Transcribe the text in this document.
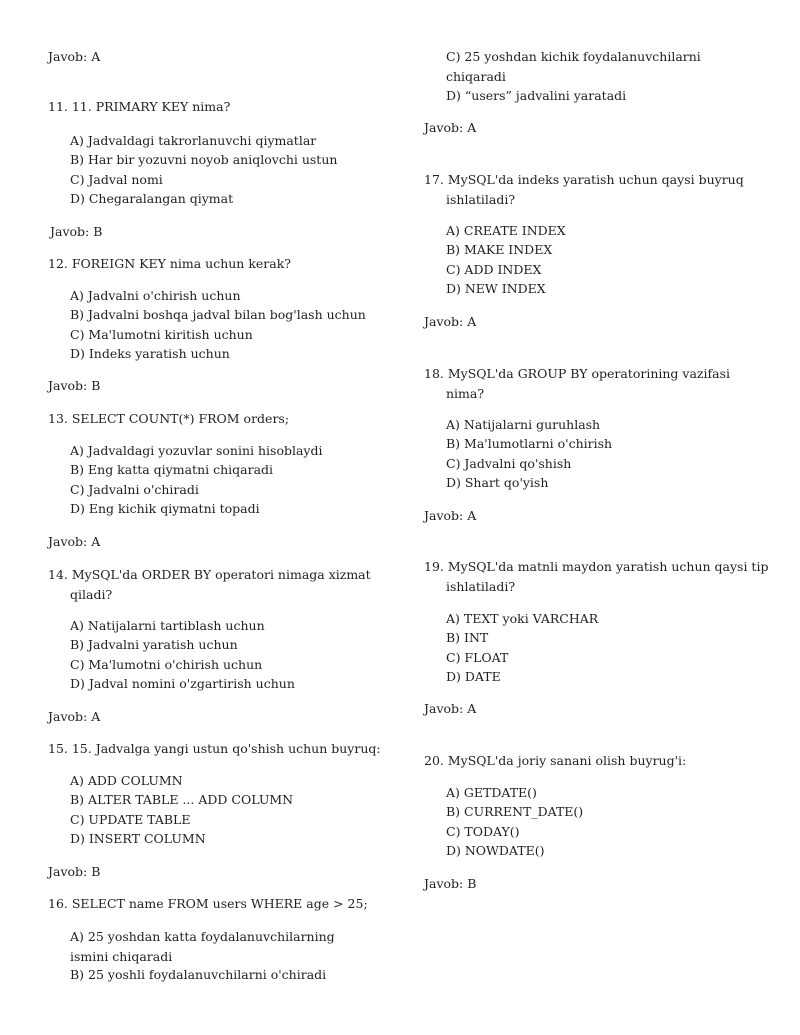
Javob: A
11. 11. PRIMARY KEY nima?
A) Jadvaldagi takrorlanuvchi qiymatlar
B) Har bir yozuvni noyob aniqlovchi ustun
C) Jadval nomi
D) Chegaralangan qiymat
Javob: B
12. FOREIGN KEY nima uchun kerak?
A) Jadvalni o'chirish uchun
B) Jadvalni boshqa jadval bilan bog'lash uchun
C) Ma'lumotni kiritish uchun
D) Indeks yaratish uchun
Javob: B
13. SELECT COUNT(*) FROM orders;
A) Jadvaldagi yozuvlar sonini hisoblaydi
B) Eng katta qiymatni chiqaradi
C) Jadvalni o'chiradi
D) Eng kichik qiymatni topadi
Javob: A
14. MySQL'da ORDER BY operatori nimaga xizmat qiladi?
A) Natijalarni tartiblash uchun
B) Jadvalni yaratish uchun
C) Ma'lumotni o'chirish uchun
D) Jadval nomini o'zgartirish uchun
Javob: A
15. 15. Jadvalga yangi ustun qo'shish uchun buyruq:
A) ADD COLUMN
B) ALTER TABLE ... ADD COLUMN
C) UPDATE TABLE
D) INSERT COLUMN
Javob: B
16. SELECT name FROM users WHERE age > 25;
A) 25 yoshdan katta foydalanuvchilarning ismini chiqaradi
B) 25 yoshli foydalanuvchilarni o'chiradi
C) 25 yoshdan kichik foydalanuvchilarni chiqaradi
D) “users” jadvalini yaratadi
Javob: A
17. MySQL'da indeks yaratish uchun qaysi buyruq ishlatiladi?
A) CREATE INDEX
B) MAKE INDEX
C) ADD INDEX
D) NEW INDEX
Javob: A
18. MySQL'da GROUP BY operatorining vazifasi nima?
A) Natijalarni guruhlash
B) Ma'lumotlarni o'chirish
C) Jadvalni qo'shish
D) Shart qo'yish
Javob: A
19. MySQL'da matnli maydon yaratish uchun qaysi tip ishlatiladi?
A) TEXT yoki VARCHAR
B) INT
C) FLOAT
D) DATE
Javob: A
20. MySQL'da joriy sanani olish buyrug'i:
A) GETDATE()
B) CURRENT_DATE()
C) TODAY()
D) NOWDATE()
Javob: B
